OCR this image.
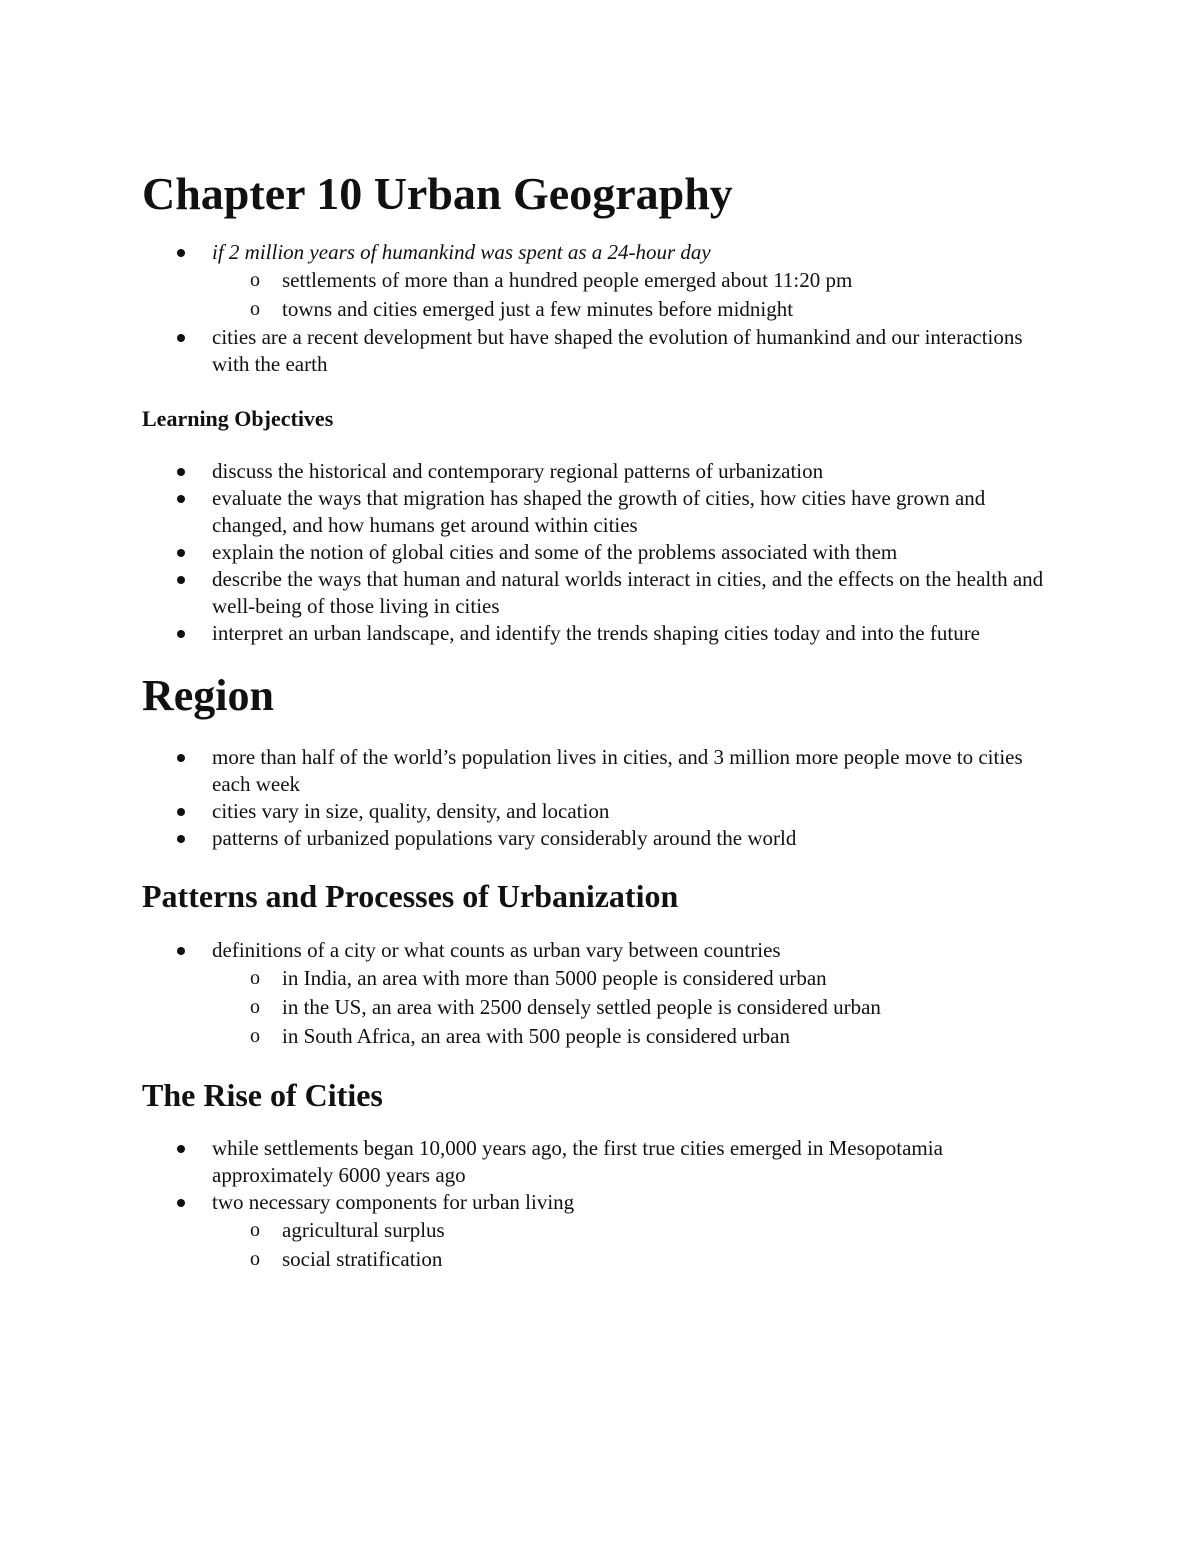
Chapter 10 Urban Geography
if 2 million years of humankind was spent as a 24-hour day
o settlements of more than a hundred people emerged about 11:20 pm
o towns and cities emerged just a few minutes before midnight
cities are a recent development but have shaped the evolution of humankind and our interactions with the earth
Learning Objectives
discuss the historical and contemporary regional patterns of urbanization
evaluate the ways that migration has shaped the growth of cities, how cities have grown and changed, and how humans get around within cities
explain the notion of global cities and some of the problems associated with them
describe the ways that human and natural worlds interact in cities, and the effects on the health and well-being of those living in cities
interpret an urban landscape, and identify the trends shaping cities today and into the future
Region
more than half of the world’s population lives in cities, and 3 million more people move to cities each week
cities vary in size, quality, density, and location
patterns of urbanized populations vary considerably around the world
Patterns and Processes of Urbanization
definitions of a city or what counts as urban vary between countries
o in India, an area with more than 5000 people is considered urban
o in the US, an area with 2500 densely settled people is considered urban
o in South Africa, an area with 500 people is considered urban
The Rise of Cities
while settlements began 10,000 years ago, the first true cities emerged in Mesopotamia approximately 6000 years ago
two necessary components for urban living
o agricultural surplus
o social stratification
